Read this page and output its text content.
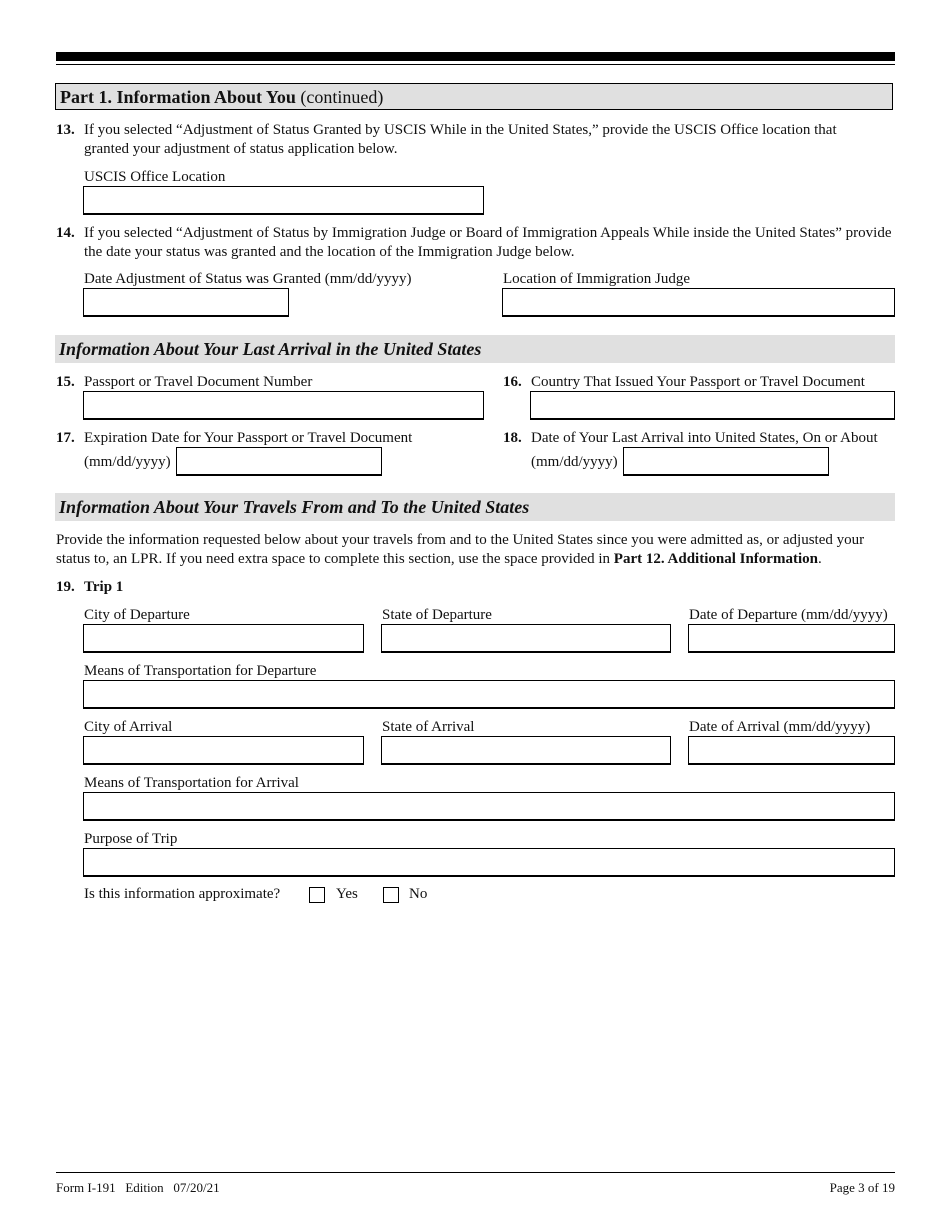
Part 1. Information About You (continued)
13. If you selected “Adjustment of Status Granted by USCIS While in the United States,” provide the USCIS Office location that granted your adjustment of status application below.
USCIS Office Location
14. If you selected “Adjustment of Status by Immigration Judge or Board of Immigration Appeals While inside the United States” provide the date your status was granted and the location of the Immigration Judge below.
Date Adjustment of Status was Granted (mm/dd/yyyy)	Location of Immigration Judge
Information About Your Last Arrival in the United States
15. Passport or Travel Document Number	16. Country That Issued Your Passport or Travel Document
17. Expiration Date for Your Passport or Travel Document
(mm/dd/yyyy)
18. Date of Your Last Arrival into United States, On or About
(mm/dd/yyyy)
Information About Your Travels From and To the United States
Provide the information requested below about your travels from and to the United States since you were admitted as, or adjusted your
status to, an LPR. If you need extra space to complete this section, use the space provided in Part 12. Additional Information.
19. Trip 1
City of Departure	State of Departure	Date of Departure (mm/dd/yyyy)
Means of Transportation for Departure
City of Arrival	State of Arrival	Date of Arrival (mm/dd/yyyy)
Means of Transportation for Arrival
Purpose of Trip
Is this information approximate?	Yes	No
Form I-191   Edition   07/20/21	Page 3 of 19
